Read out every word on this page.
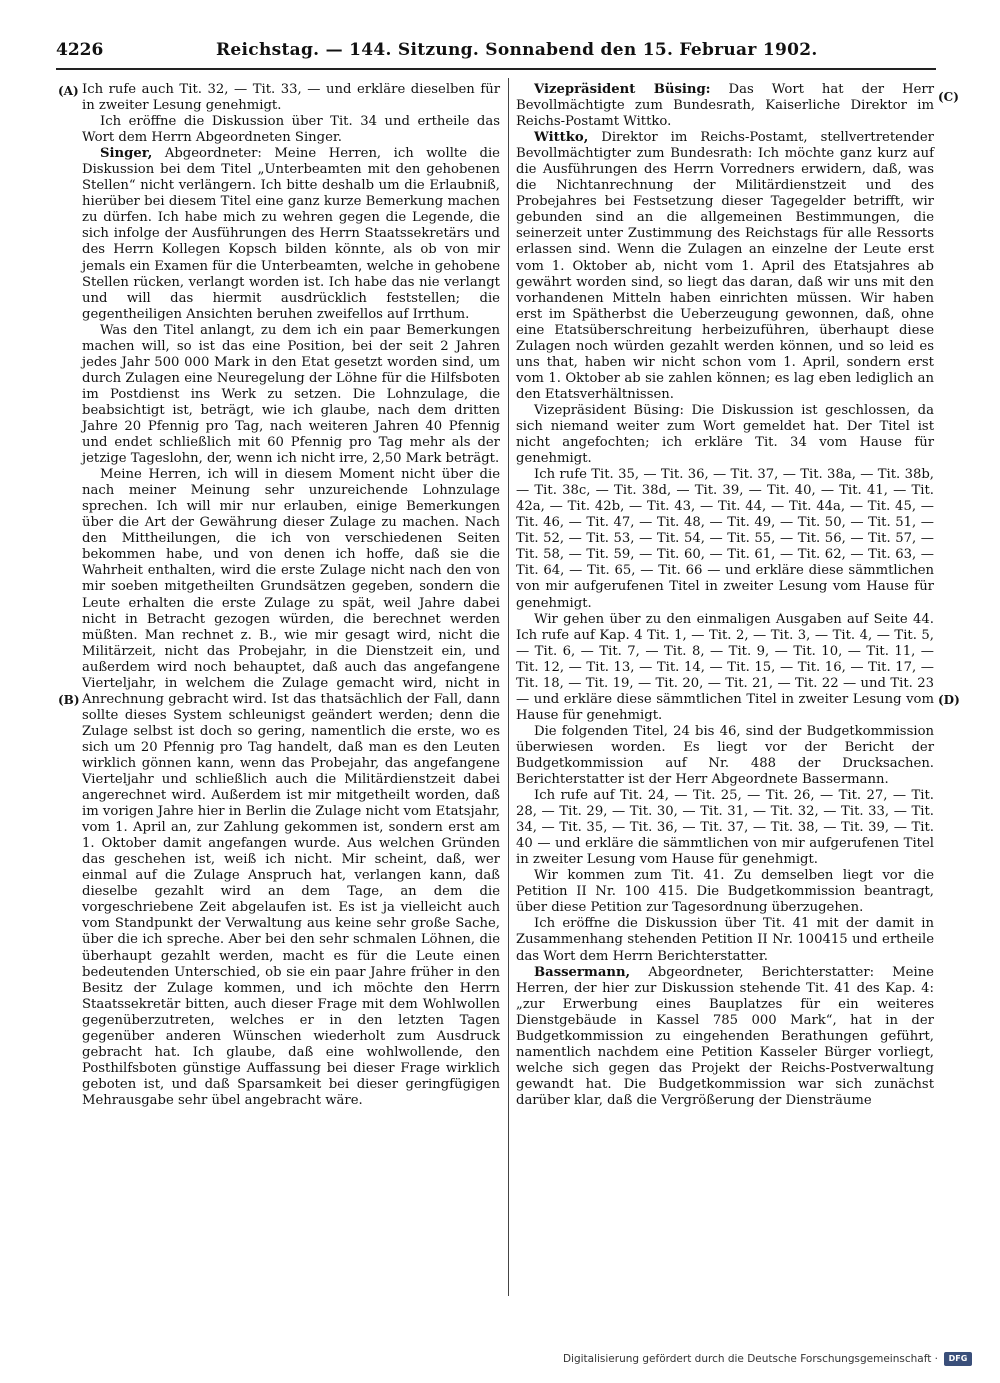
4226	Reichstag. — 144. Sitzung. Sonnabend den 15. Februar 1902.
(A)
(B)
(C)
(D)

Ich rufe auch Tit. 32, — Tit. 33, — und erkläre dieselben für in zweiter Lesung genehmigt.

Ich eröffne die Diskussion über Tit. 34 und ertheile das Wort dem Herrn Abgeordneten Singer.

Singer, Abgeordneter: Meine Herren, ich wollte die Diskussion bei dem Titel „Unterbeamten mit den gehobenen Stellen“ nicht verlängern. Ich bitte deshalb um die Erlaubniß, hierüber bei diesem Titel eine ganz kurze Bemerkung machen zu dürfen. Ich habe mich zu wehren gegen die Legende, die sich infolge der Ausführungen des Herrn Staatssekretärs und des Herrn Kollegen Kopsch bilden könnte, als ob von mir jemals ein Examen für die Unterbeamten, welche in gehobene Stellen rücken, verlangt worden ist. Ich habe das nie verlangt und will das hiermit ausdrücklich feststellen; die gegentheiligen Ansichten beruhen zweifellos auf Irrthum.

Was den Titel anlangt, zu dem ich ein paar Bemerkungen machen will, so ist das eine Position, bei der seit 2 Jahren jedes Jahr 500 000 Mark in den Etat gesetzt worden sind, um durch Zulagen eine Neuregelung der Löhne für die Hilfsboten im Postdienst ins Werk zu setzen. Die Lohnzulage, die beabsichtigt ist, beträgt, wie ich glaube, nach dem dritten Jahre 20 Pfennig pro Tag, nach weiteren Jahren 40 Pfennig und endet schließlich mit 60 Pfennig pro Tag mehr als der jetzige Tageslohn, der, wenn ich nicht irre, 2,50 Mark beträgt.

Meine Herren, ich will in diesem Moment nicht über die nach meiner Meinung sehr unzureichende Lohnzulage sprechen. Ich will mir nur erlauben, einige Bemerkungen über die Art der Gewährung dieser Zulage zu machen. Nach den Mittheilungen, die ich von verschiedenen Seiten bekommen habe, und von denen ich hoffe, daß sie die Wahrheit enthalten, wird die erste Zulage nicht nach den von mir soeben mitgetheilten Grundsätzen gegeben, sondern die Leute erhalten die erste Zulage zu spät, weil Jahre dabei nicht in Betracht gezogen würden, die berechnet werden müßten. Man rechnet z. B., wie mir gesagt wird, nicht die Militärzeit, nicht das Probejahr, in die Dienstzeit ein, und außerdem wird noch behauptet, daß auch das angefangene Vierteljahr, in welchem die Zulage gemacht wird, nicht in Anrechnung gebracht wird. Ist das thatsächlich der Fall, dann sollte dieses System schleunigst geändert werden; denn die Zulage selbst ist doch so gering, namentlich die erste, wo es sich um 20 Pfennig pro Tag handelt, daß man es den Leuten wirklich gönnen kann, wenn das Probejahr, das angefangene Vierteljahr und schließlich auch die Militärdienstzeit dabei angerechnet wird. Außerdem ist mir mitgetheilt worden, daß im vorigen Jahre hier in Berlin die Zulage nicht vom Etatsjahr, vom 1. April an, zur Zahlung gekommen ist, sondern erst am 1. Oktober damit angefangen wurde. Aus welchen Gründen das geschehen ist, weiß ich nicht. Mir scheint, daß, wer einmal auf die Zulage Anspruch hat, verlangen kann, daß dieselbe gezahlt wird an dem Tage, an dem die vorgeschriebene Zeit abgelaufen ist. Es ist ja vielleicht auch vom Standpunkt der Verwaltung aus keine sehr große Sache, über die ich spreche. Aber bei den sehr schmalen Löhnen, die überhaupt gezahlt werden, macht es für die Leute einen bedeutenden Unterschied, ob sie ein paar Jahre früher in den Besitz der Zulage kommen, und ich möchte den Herrn Staatssekretär bitten, auch dieser Frage mit dem Wohlwollen gegenüberzutreten, welches er in den letzten Tagen gegenüber anderen Wünschen wiederholt zum Ausdruck gebracht hat. Ich glaube, daß eine wohlwollende, den Posthilfsboten günstige Auffassung bei dieser Frage wirklich geboten ist, und daß Sparsamkeit bei dieser geringfügigen Mehrausgabe sehr übel angebracht wäre.

Vizepräsident Büsing: Das Wort hat der Herr Bevollmächtigte zum Bundesrath, Kaiserliche Direktor im Reichs-Postamt Wittko.

Wittko, Direktor im Reichs-Postamt, stellvertretender Bevollmächtigter zum Bundesrath: Ich möchte ganz kurz auf die Ausführungen des Herrn Vorredners erwidern, daß, was die Nichtanrechnung der Militärdienstzeit und des Probejahres bei Festsetzung dieser Tagegelder betrifft, wir gebunden sind an die allgemeinen Bestimmungen, die seinerzeit unter Zustimmung des Reichstags für alle Ressorts erlassen sind. Wenn die Zulagen an einzelne der Leute erst vom 1. Oktober ab, nicht vom 1. April des Etatsjahres ab gewährt worden sind, so liegt das daran, daß wir uns mit den vorhandenen Mitteln haben einrichten müssen. Wir haben erst im Spätherbst die Ueberzeugung gewonnen, daß, ohne eine Etatsüberschreitung herbeizuführen, überhaupt diese Zulagen noch würden gezahlt werden können, und so leid es uns that, haben wir nicht schon vom 1. April, sondern erst vom 1. Oktober ab sie zahlen können; es lag eben lediglich an den Etatsverhältnissen.

Vizepräsident Büsing: Die Diskussion ist geschlossen, da sich niemand weiter zum Wort gemeldet hat. Der Titel ist nicht angefochten; ich erkläre Tit. 34 vom Hause für genehmigt.

Ich rufe Tit. 35, — Tit. 36, — Tit. 37, — Tit. 38a, — Tit. 38b, — Tit. 38c, — Tit. 38d, — Tit. 39, — Tit. 40, — Tit. 41, — Tit. 42a, — Tit. 42b, — Tit. 43, — Tit. 44, — Tit. 44a, — Tit. 45, — Tit. 46, — Tit. 47, — Tit. 48, — Tit. 49, — Tit. 50, — Tit. 51, — Tit. 52, — Tit. 53, — Tit. 54, — Tit. 55, — Tit. 56, — Tit. 57, — Tit. 58, — Tit. 59, — Tit. 60, — Tit. 61, — Tit. 62, — Tit. 63, — Tit. 64, — Tit. 65, — Tit. 66 — und erkläre diese sämmtlichen von mir aufgerufenen Titel in zweiter Lesung vom Hause für genehmigt.

Wir gehen über zu den einmaligen Ausgaben auf Seite 44. Ich rufe auf Kap. 4 Tit. 1, — Tit. 2, — Tit. 3, — Tit. 4, — Tit. 5, — Tit. 6, — Tit. 7, — Tit. 8, — Tit. 9, — Tit. 10, — Tit. 11, — Tit. 12, — Tit. 13, — Tit. 14, — Tit. 15, — Tit. 16, — Tit. 17, — Tit. 18, — Tit. 19, — Tit. 20, — Tit. 21, — Tit. 22 — und Tit. 23 — und erkläre diese sämmtlichen Titel in zweiter Lesung vom Hause für genehmigt.

Die folgenden Titel, 24 bis 46, sind der Budgetkommission überwiesen worden. Es liegt vor der Bericht der Budgetkommission auf Nr. 488 der Drucksachen. Berichterstatter ist der Herr Abgeordnete Bassermann.

Ich rufe auf Tit. 24, — Tit. 25, — Tit. 26, — Tit. 27, — Tit. 28, — Tit. 29, — Tit. 30, — Tit. 31, — Tit. 32, — Tit. 33, — Tit. 34, — Tit. 35, — Tit. 36, — Tit. 37, — Tit. 38, — Tit. 39, — Tit. 40 — und erkläre die sämmtlichen von mir aufgerufenen Titel in zweiter Lesung vom Hause für genehmigt.

Wir kommen zum Tit. 41. Zu demselben liegt vor die Petition II Nr. 100 415. Die Budgetkommission beantragt, über diese Petition zur Tagesordnung überzugehen.

Ich eröffne die Diskussion über Tit. 41 mit der damit in Zusammenhang stehenden Petition II Nr. 100415 und ertheile das Wort dem Herrn Berichterstatter.

Bassermann, Abgeordneter, Berichterstatter: Meine Herren, der hier zur Diskussion stehende Tit. 41 des Kap. 4: „zur Erwerbung eines Bauplatzes für ein weiteres Dienstgebäude in Kassel 785 000 Mark“, hat in der Budgetkommission zu eingehenden Berathungen geführt, namentlich nachdem eine Petition Kasseler Bürger vorliegt, welche sich gegen das Projekt der Reichs-Postverwaltung gewandt hat. Die Budgetkommission war sich zunächst darüber klar, daß die Vergrößerung der Diensträume

Digitalisierung gefördert durch die Deutsche Forschungsgemeinschaft ·	DFG
